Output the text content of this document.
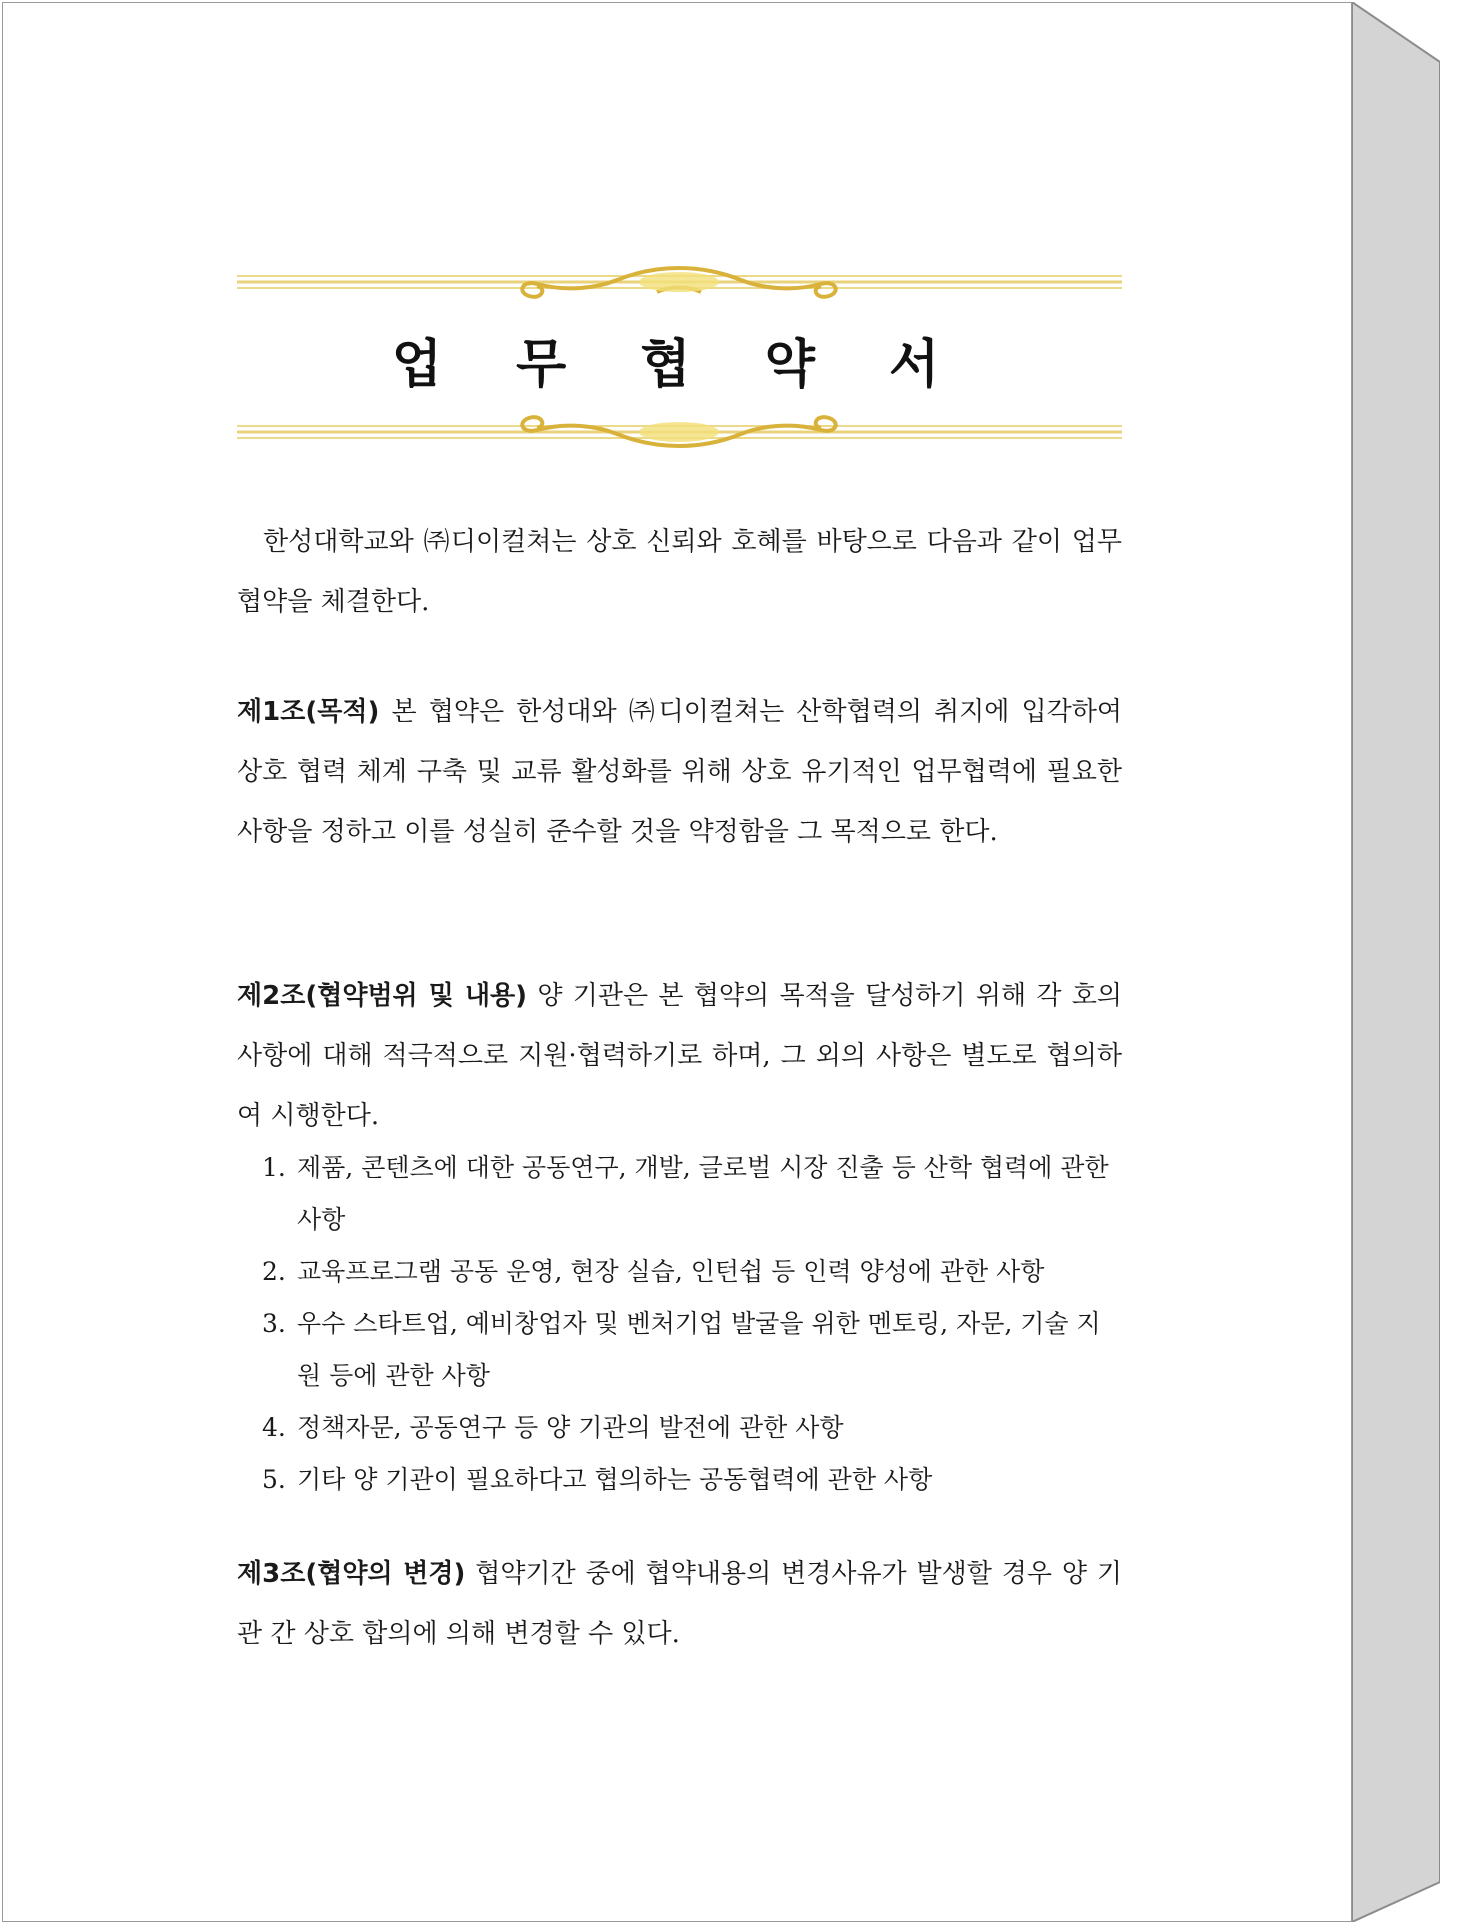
업 무 협 약 서
한성대학교와 ㈜디이컬쳐는 상호 신뢰와 호혜를 바탕으로 다음과 같이 업무협약을 체결한다.
제1조(목적) 본 협약은 한성대와 ㈜디이컬쳐는 산학협력의 취지에 입각하여 상호 협력 체계 구축 및 교류 활성화를 위해 상호 유기적인 업무협력에 필요한 사항을 정하고 이를 성실히 준수할 것을 약정함을 그 목적으로 한다.
제2조(협약범위 및 내용) 양 기관은 본 협약의 목적을 달성하기 위해 각 호의 사항에 대해 적극적으로 지원·협력하기로 하며, 그 외의 사항은 별도로 협의하여 시행한다.
1. 제품, 콘텐츠에 대한 공동연구, 개발, 글로벌 시장 진출 등 산학 협력에 관한 사항
2. 교육프로그램 공동 운영, 현장 실습, 인턴쉽 등 인력 양성에 관한 사항
3. 우수 스타트업, 예비창업자 및 벤처기업 발굴을 위한 멘토링, 자문, 기술 지원 등에 관한 사항
4. 정책자문, 공동연구 등 양 기관의 발전에 관한 사항
5. 기타 양 기관이 필요하다고 협의하는 공동협력에 관한 사항
제3조(협약의 변경) 협약기간 중에 협약내용의 변경사유가 발생할 경우 양 기관 간 상호 합의에 의해 변경할 수 있다.
